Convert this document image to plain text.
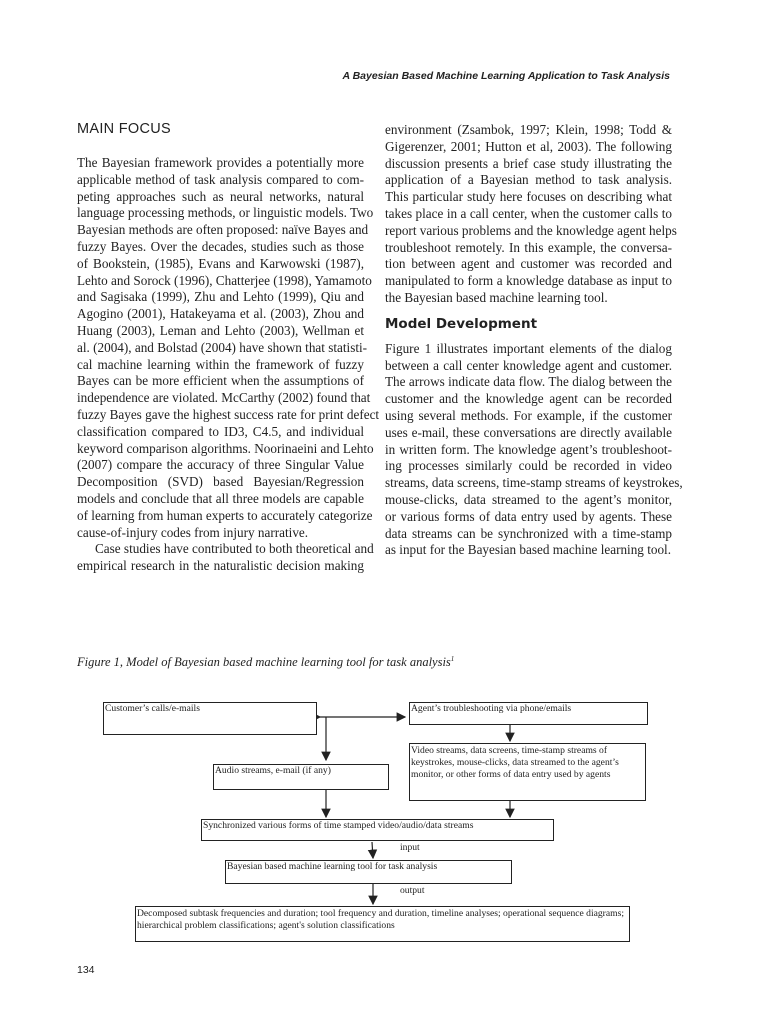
A Bayesian Based Machine Learning Application to Task Analysis
MAIN FOCUS
The Bayesian framework provides a potentially more
applicable method of task analysis compared to com-
peting approaches such as neural networks, natural
language processing methods, or linguistic models. Two
Bayesian methods are often proposed: naïve Bayes and
fuzzy Bayes. Over the decades, studies such as those
of Bookstein, (1985), Evans and Karwowski (1987),
Lehto and Sorock (1996), Chatterjee (1998), Yamamoto
and Sagisaka (1999), Zhu and Lehto (1999), Qiu and
Agogino (2001), Hatakeyama et al. (2003), Zhou and
Huang (2003), Leman and Lehto (2003), Wellman et
al. (2004), and Bolstad (2004) have shown that statisti-
cal machine learning within the framework of fuzzy
Bayes can be more efficient when the assumptions of
independence are violated. McCarthy (2002) found that
fuzzy Bayes gave the highest success rate for print defect
classification compared to ID3, C4.5, and individual
keyword comparison algorithms. Noorinaeini and Lehto
(2007) compare the accuracy of three Singular Value
Decomposition (SVD) based Bayesian/Regression
models and conclude that all three models are capable
of learning from human experts to accurately categorize
cause-of-injury codes from injury narrative.
Case studies have contributed to both theoretical and
empirical research in the naturalistic decision making
environment (Zsambok, 1997; Klein, 1998; Todd &
Gigerenzer, 2001; Hutton et al, 2003). The following
discussion presents a brief case study illustrating the
application of a Bayesian method to task analysis.
This particular study here focuses on describing what
takes place in a call center, when the customer calls to
report various problems and the knowledge agent helps
troubleshoot remotely. In this example, the conversa-
tion between agent and customer was recorded and
manipulated to form a knowledge database as input to
the Bayesian based machine learning tool.
Model Development
Figure 1 illustrates important elements of the dialog
between a call center knowledge agent and customer.
The arrows indicate data flow. The dialog between the
customer and the knowledge agent can be recorded
using several methods. For example, if the customer
uses e-mail, these conversations are directly available
in written form. The knowledge agent’s troubleshoot-
ing processes similarly could be recorded in video
streams, data screens, time-stamp streams of keystrokes,
mouse-clicks, data streamed to the agent’s monitor,
or various forms of data entry used by agents. These
data streams can be synchronized with a time-stamp
as input for the Bayesian based machine learning tool.
Figure 1, Model of Bayesian based machine learning tool for task analysis$^1$
Customer’s calls/e-mails	Agent’s troubleshooting via phone/emails
Video streams, data screens, time-stamp streams of keystrokes, mouse-clicks, data streamed to the agent’s monitor, or other forms of data entry used by agents
Audio streams, e-mail (if any)
Synchronized various forms of time stamped video/audio/data streams
input
Bayesian based machine learning tool for task analysis
output
Decomposed subtask frequencies and duration; tool frequency and duration, timeline analyses; operational sequence diagrams; hierarchical problem classifications; agent's solution classifications
134
